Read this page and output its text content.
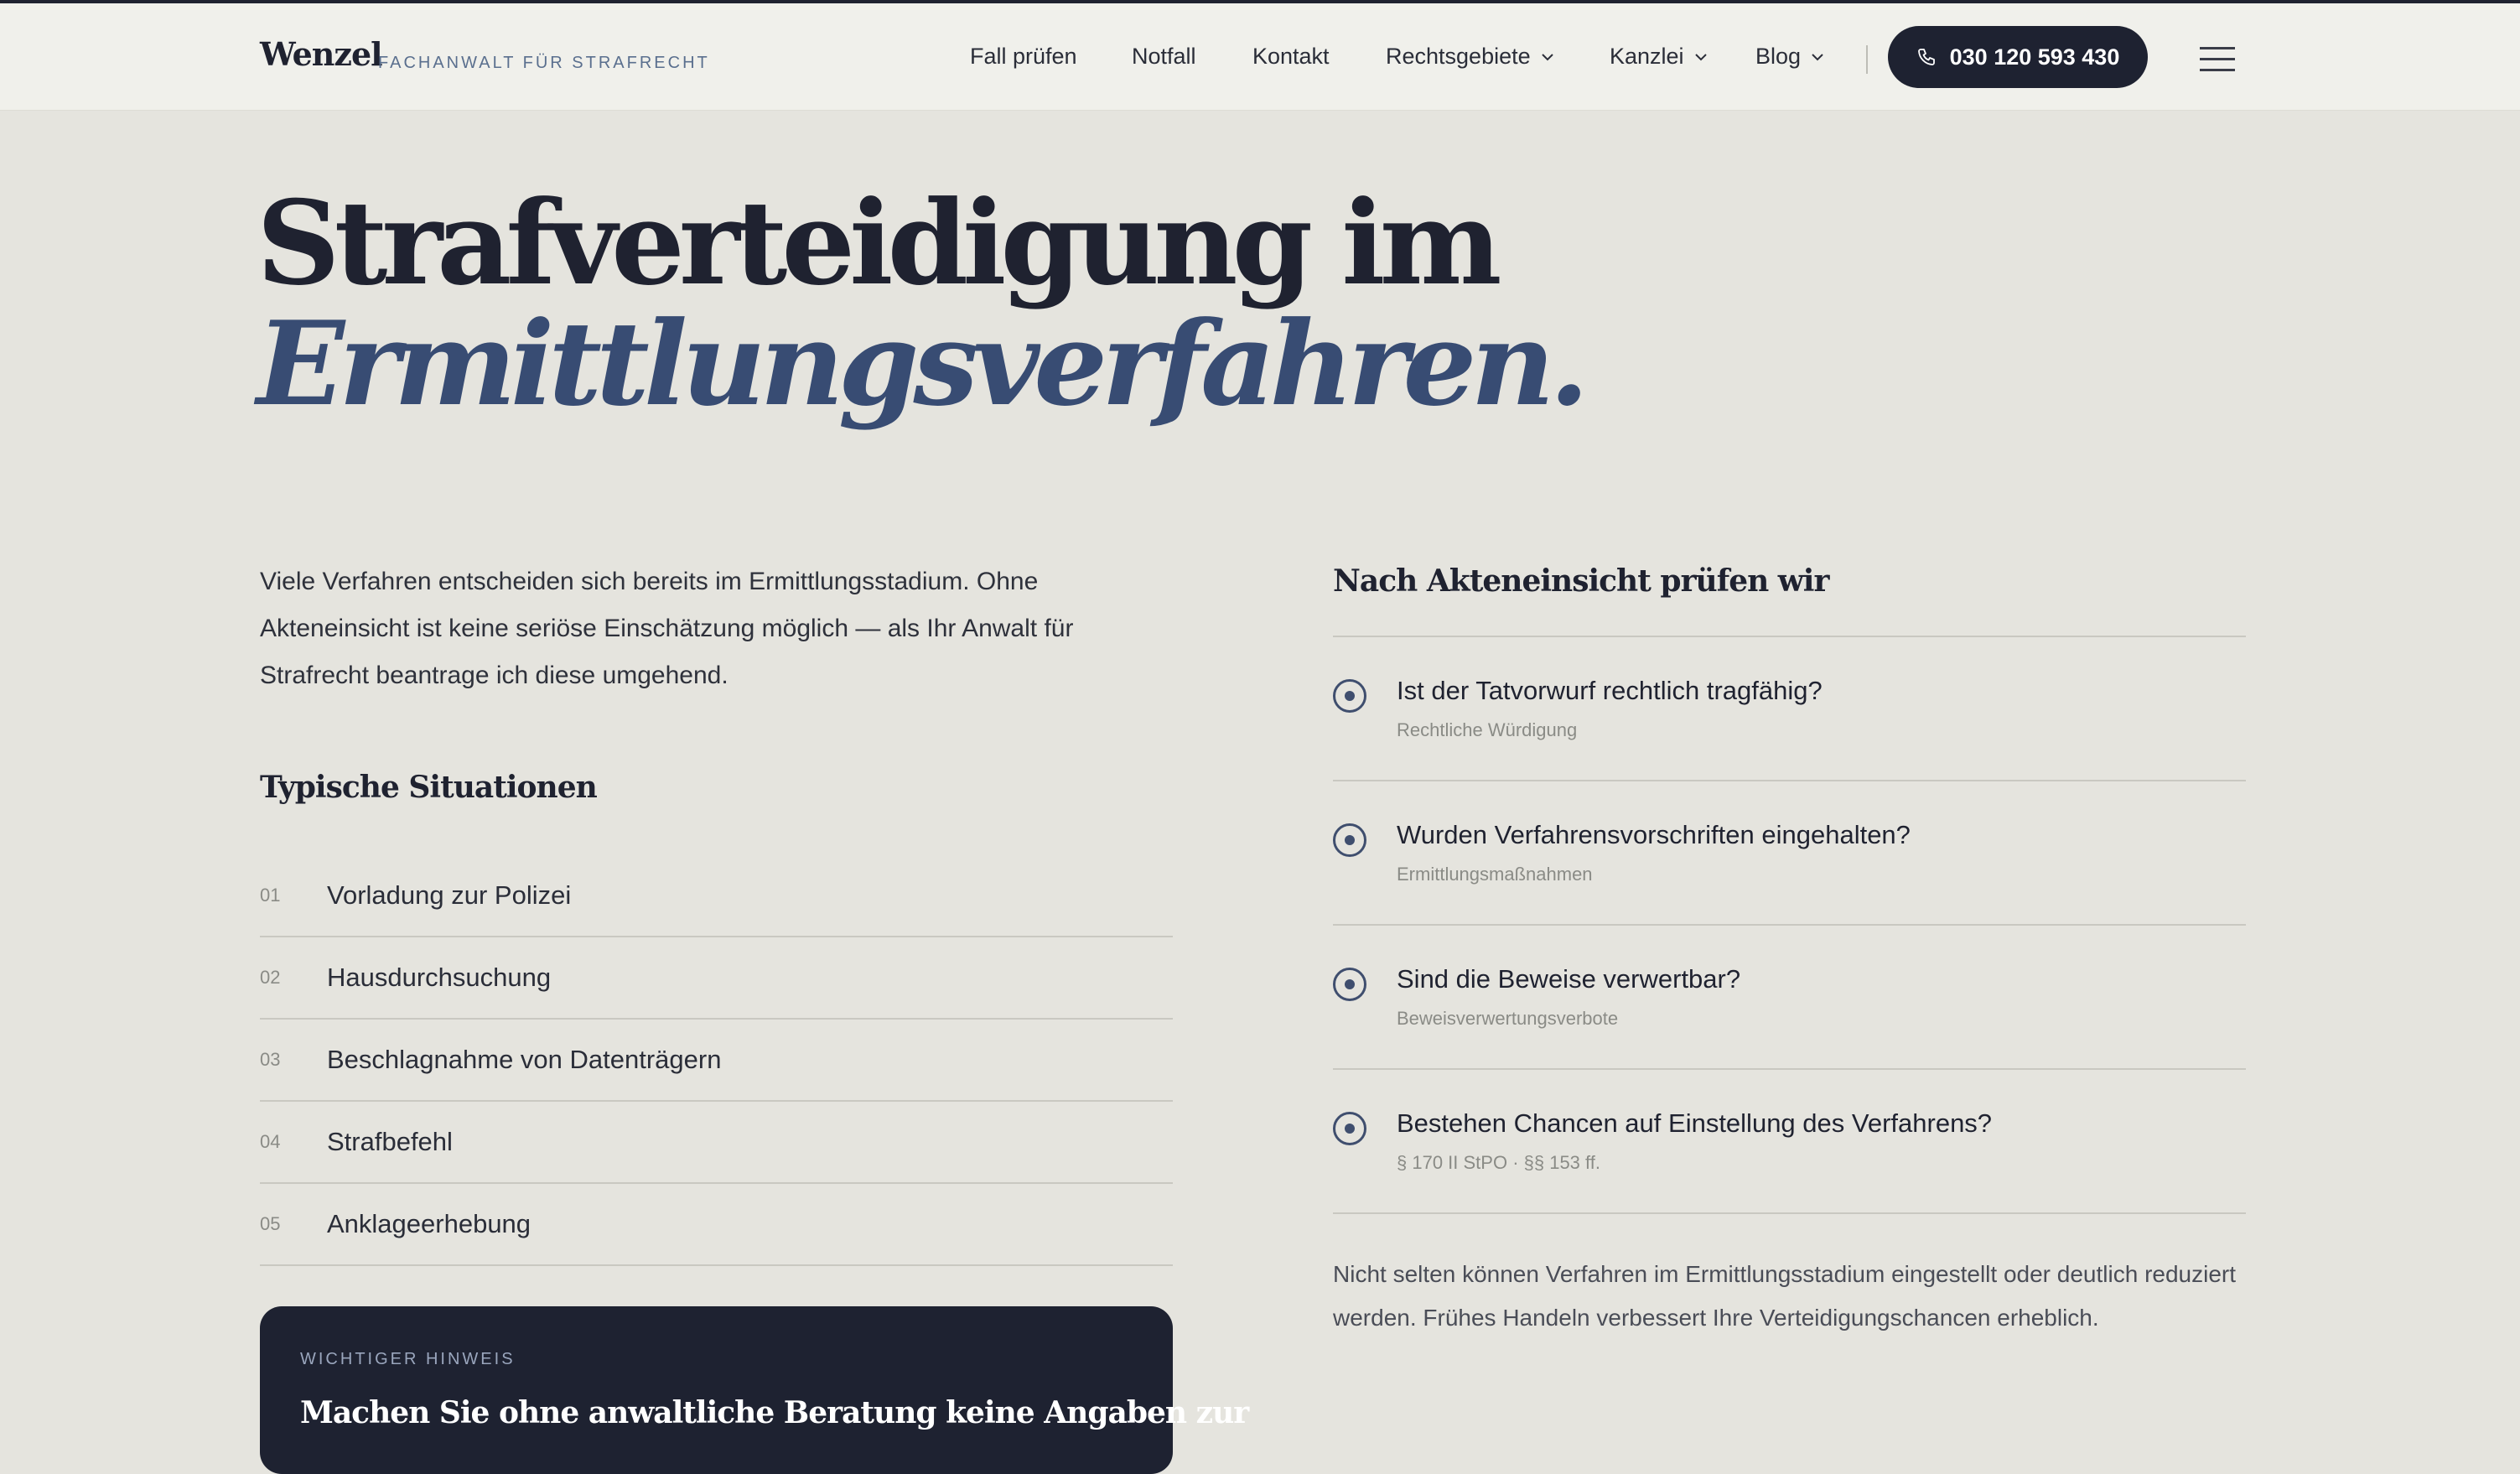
Wenzel
FACHANWALT FÜR STRAFRECHT	Fall prüfen Notfall Kontakt Rechtsgebiete	Kanzlei	Blog	030 120 593 430
Strafverteidigung im
Ermittlungsverfahren.

Viele Verfahren entscheiden sich bereits im Ermittlungsstadium. Ohne Akteneinsicht ist keine seriöse Einschätzung möglich — als Ihr Anwalt für Strafrecht beantrage ich diese umgehend.

Typische Situationen
01	Vorladung zur Polizei
02	Hausdurchsuchung
03	Beschlagnahme von Datenträgern
04	Strafbefehl
05	Anklageerhebung
WICHTIGER HINWEIS
Machen Sie ohne anwaltliche Beratung keine Angaben zur
Nach Akteneinsicht prüfen wir
Ist der Tatvorwurf rechtlich tragfähig?
Rechtliche Würdigung
Wurden Verfahrensvorschriften eingehalten?
Ermittlungsmaßnahmen
Sind die Beweise verwertbar?
Beweisverwertungsverbote
Bestehen Chancen auf Einstellung des Verfahrens?
§ 170 II StPO · §§ 153 ff.

Nicht selten können Verfahren im Ermittlungsstadium eingestellt oder deutlich reduziert werden. Frühes Handeln verbessert Ihre Verteidigungschancen erheblich.
